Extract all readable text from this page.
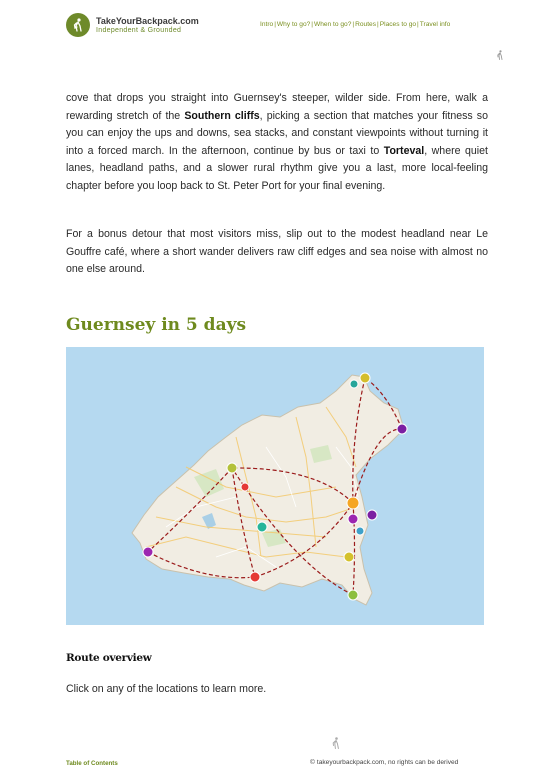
TakeYourBackpack.com
Independent & Grounded
Intro | Why to go? | When to go? | Routes | Places to go | Travel info
cove that drops you straight into Guernsey's steeper, wilder side. From here, walk a rewarding stretch of the Southern cliffs, picking a section that matches your fitness so you can enjoy the ups and downs, sea stacks, and constant viewpoints without turning it into a forced march. In the afternoon, continue by bus or taxi to Torteval, where quiet lanes, headland paths, and a slower rural rhythm give you a last, more local-feeling chapter before you loop back to St. Peter Port for your final evening.
For a bonus detour that most visitors miss, slip out to the modest headland near Le Gouffre café, where a short wander delivers raw cliff edges and sea noise with almost no one else around.
Guernsey in 5 days
Route overview
Click on any of the locations to learn more.
Table of Contents	© takeyourbackpack.com, no rights can be derived
